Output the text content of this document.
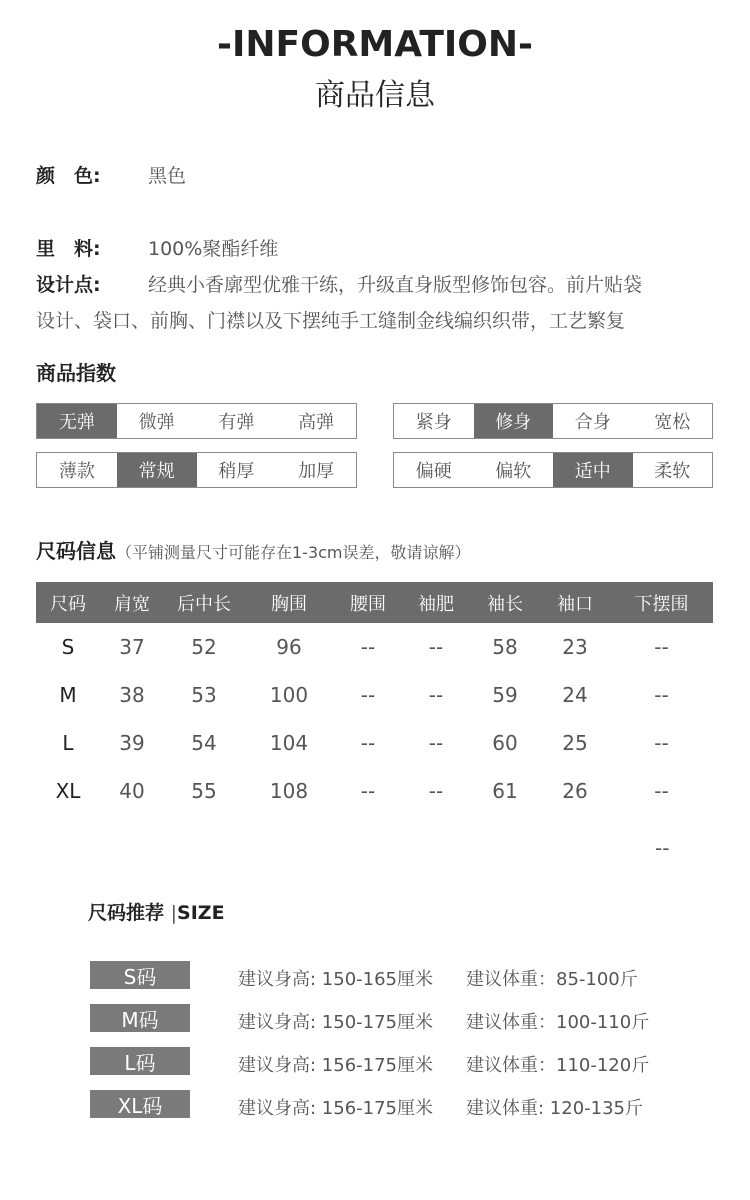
-INFORMATION-
商品信息
颜　色: 黑色
里　料: 100%聚酯纤维
设计点: 经典小香廓型优雅干练，升级直身版型修饰包容。前片贴袋
设计、袋口、前胸、门襟以及下摆纯手工缝制金线编织织带，工艺繁复
商品指数
无弹	微弹	有弹	高弹	紧身	修身	合身	宽松
薄款	常规	稍厚	加厚	偏硬	偏软	适中	柔软
尺码信息（平铺测量尺寸可能存在1-3cm误差，敬请谅解）
尺码	肩宽	后中长	胸围	腰围	袖肥	袖长	袖口	下摆围
S	37	52	96	--	--	58	23	--
M	38	53	100	--	--	59	24	--
L	39	54	104	--	--	60	25	--
XL	40	55	108	--	--	61	26	--
--
尺码推荐 |SIZE
S码	建议身高: 150-165厘米 建议体重：85-100斤
M码	建议身高: 150-175厘米 建议体重：100-110斤
L码	建议身高: 156-175厘米 建议体重：110-120斤
XL码	建议身高: 156-175厘米 建议体重: 120-135斤
